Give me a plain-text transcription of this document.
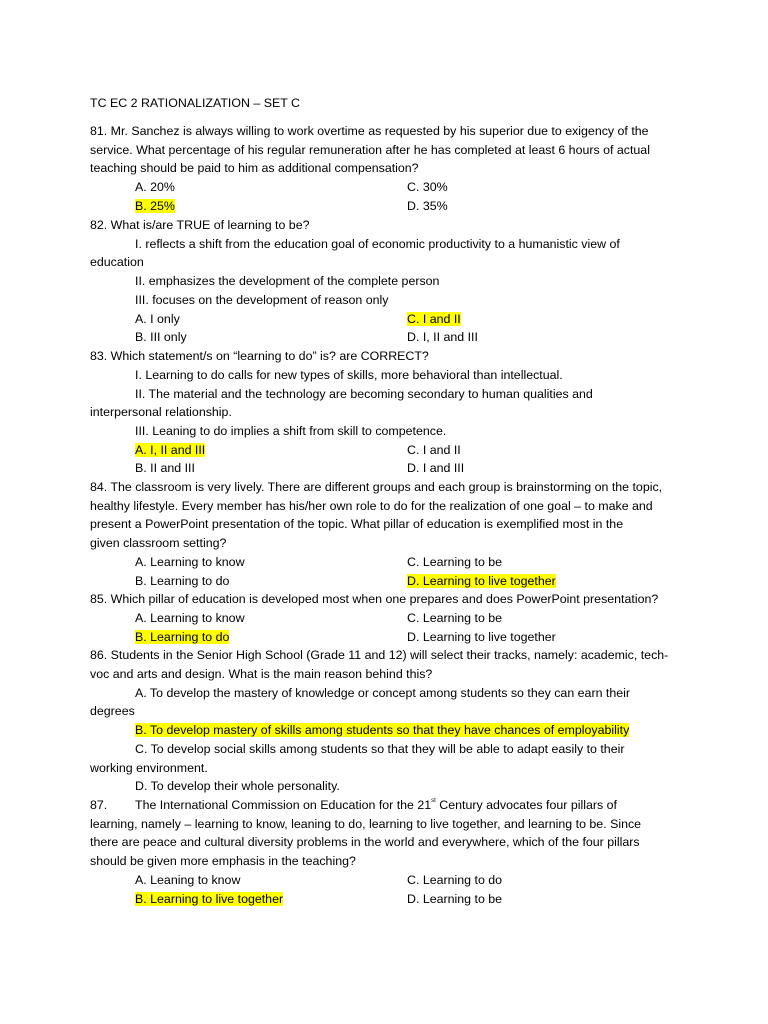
TC EC 2 RATIONALIZATION – SET C
81. Mr. Sanchez is always willing to work overtime as requested by his superior due to exigency of the
service. What percentage of his regular remuneration after he has completed at least 6 hours of actual
teaching should be paid to him as additional compensation?
A. 20%	C. 30%
B. 25%	D. 35%
82. What is/are TRUE of learning to be?
I. reflects a shift from the education goal of economic productivity to a humanistic view of
education
II. emphasizes the development of the complete person
III. focuses on the development of reason only
A. I only	C. I and II
B. III only	D. I, II and III
83. Which statement/s on “learning to do” is? are CORRECT?
I. Learning to do calls for new types of skills, more behavioral than intellectual.
II. The material and the technology are becoming secondary to human qualities and
interpersonal relationship.
III. Leaning to do implies a shift from skill to competence.
A. I, II and III	C. I and II
B. II and III	D. I and III
84. The classroom is very lively. There are different groups and each group is brainstorming on the topic,
healthy lifestyle. Every member has his/her own role to do for the realization of one goal – to make and
present a PowerPoint presentation of the topic. What pillar of education is exemplified most in the
given classroom setting?
A. Learning to know	C. Learning to be
B. Learning to do	D. Learning to live together
85. Which pillar of education is developed most when one prepares and does PowerPoint presentation?
A. Learning to know	C. Learning to be
B. Learning to do	D. Learning to live together
86. Students in the Senior High School (Grade 11 and 12) will select their tracks, namely: academic, tech-
voc and arts and design. What is the main reason behind this?
A. To develop the mastery of knowledge or concept among students so they can earn their
degrees
B. To develop mastery of skills among students so that they have chances of employability
C. To develop social skills among students so that they will be able to adapt easily to their
working environment.
D. To develop their whole personality.
87. The International Commission on Education for the 21st Century advocates four pillars of
learning, namely – learning to know, leaning to do, learning to live together, and learning to be. Since
there are peace and cultural diversity problems in the world and everywhere, which of the four pillars
should be given more emphasis in the teaching?
A. Leaning to know	C. Learning to do
B. Learning to live together	D. Learning to be
